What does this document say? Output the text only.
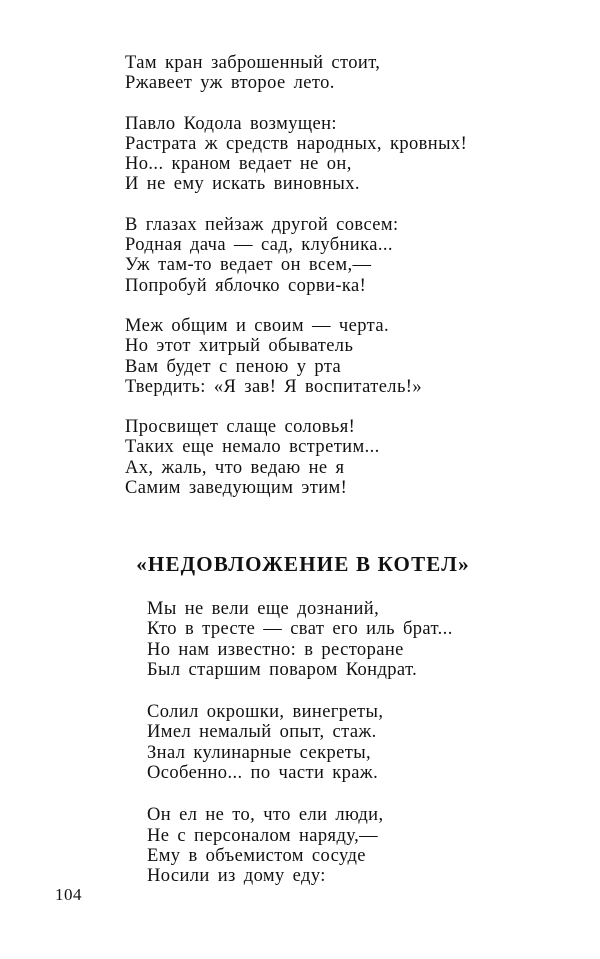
Там кран заброшенный стоит,
Ржавеет уж второе лето.
Павло Кодола возмущен:
Растрата ж средств народных, кровных!
Но... краном ведает не он,
И не ему искать виновных.
В глазах пейзаж другой совсем:
Родная дача — сад, клубника...
Уж там-то ведает он всем,—
Попробуй яблочко сорви-ка!
Меж общим и своим — черта.
Но этот хитрый обыватель
Вам будет с пеною у рта
Твердить: «Я зав! Я воспитатель!»
Просвищет слаще соловья!
Таких еще немало встретим...
Ах, жаль, что ведаю не я
Самим заведующим этим!
«НЕДОВЛОЖЕНИЕ В КОТЕЛ»
Мы не вели еще дознаний,
Кто в тресте — сват его иль брат...
Но нам известно: в ресторане
Был старшим поваром Кондрат.
Солил окрошки, винегреты,
Имел немалый опыт, стаж.
Знал кулинарные секреты,
Особенно... по части краж.
Он ел не то, что ели люди,
Не с персоналом наряду,—
Ему в объемистом сосуде
Носили из дому еду:
104
